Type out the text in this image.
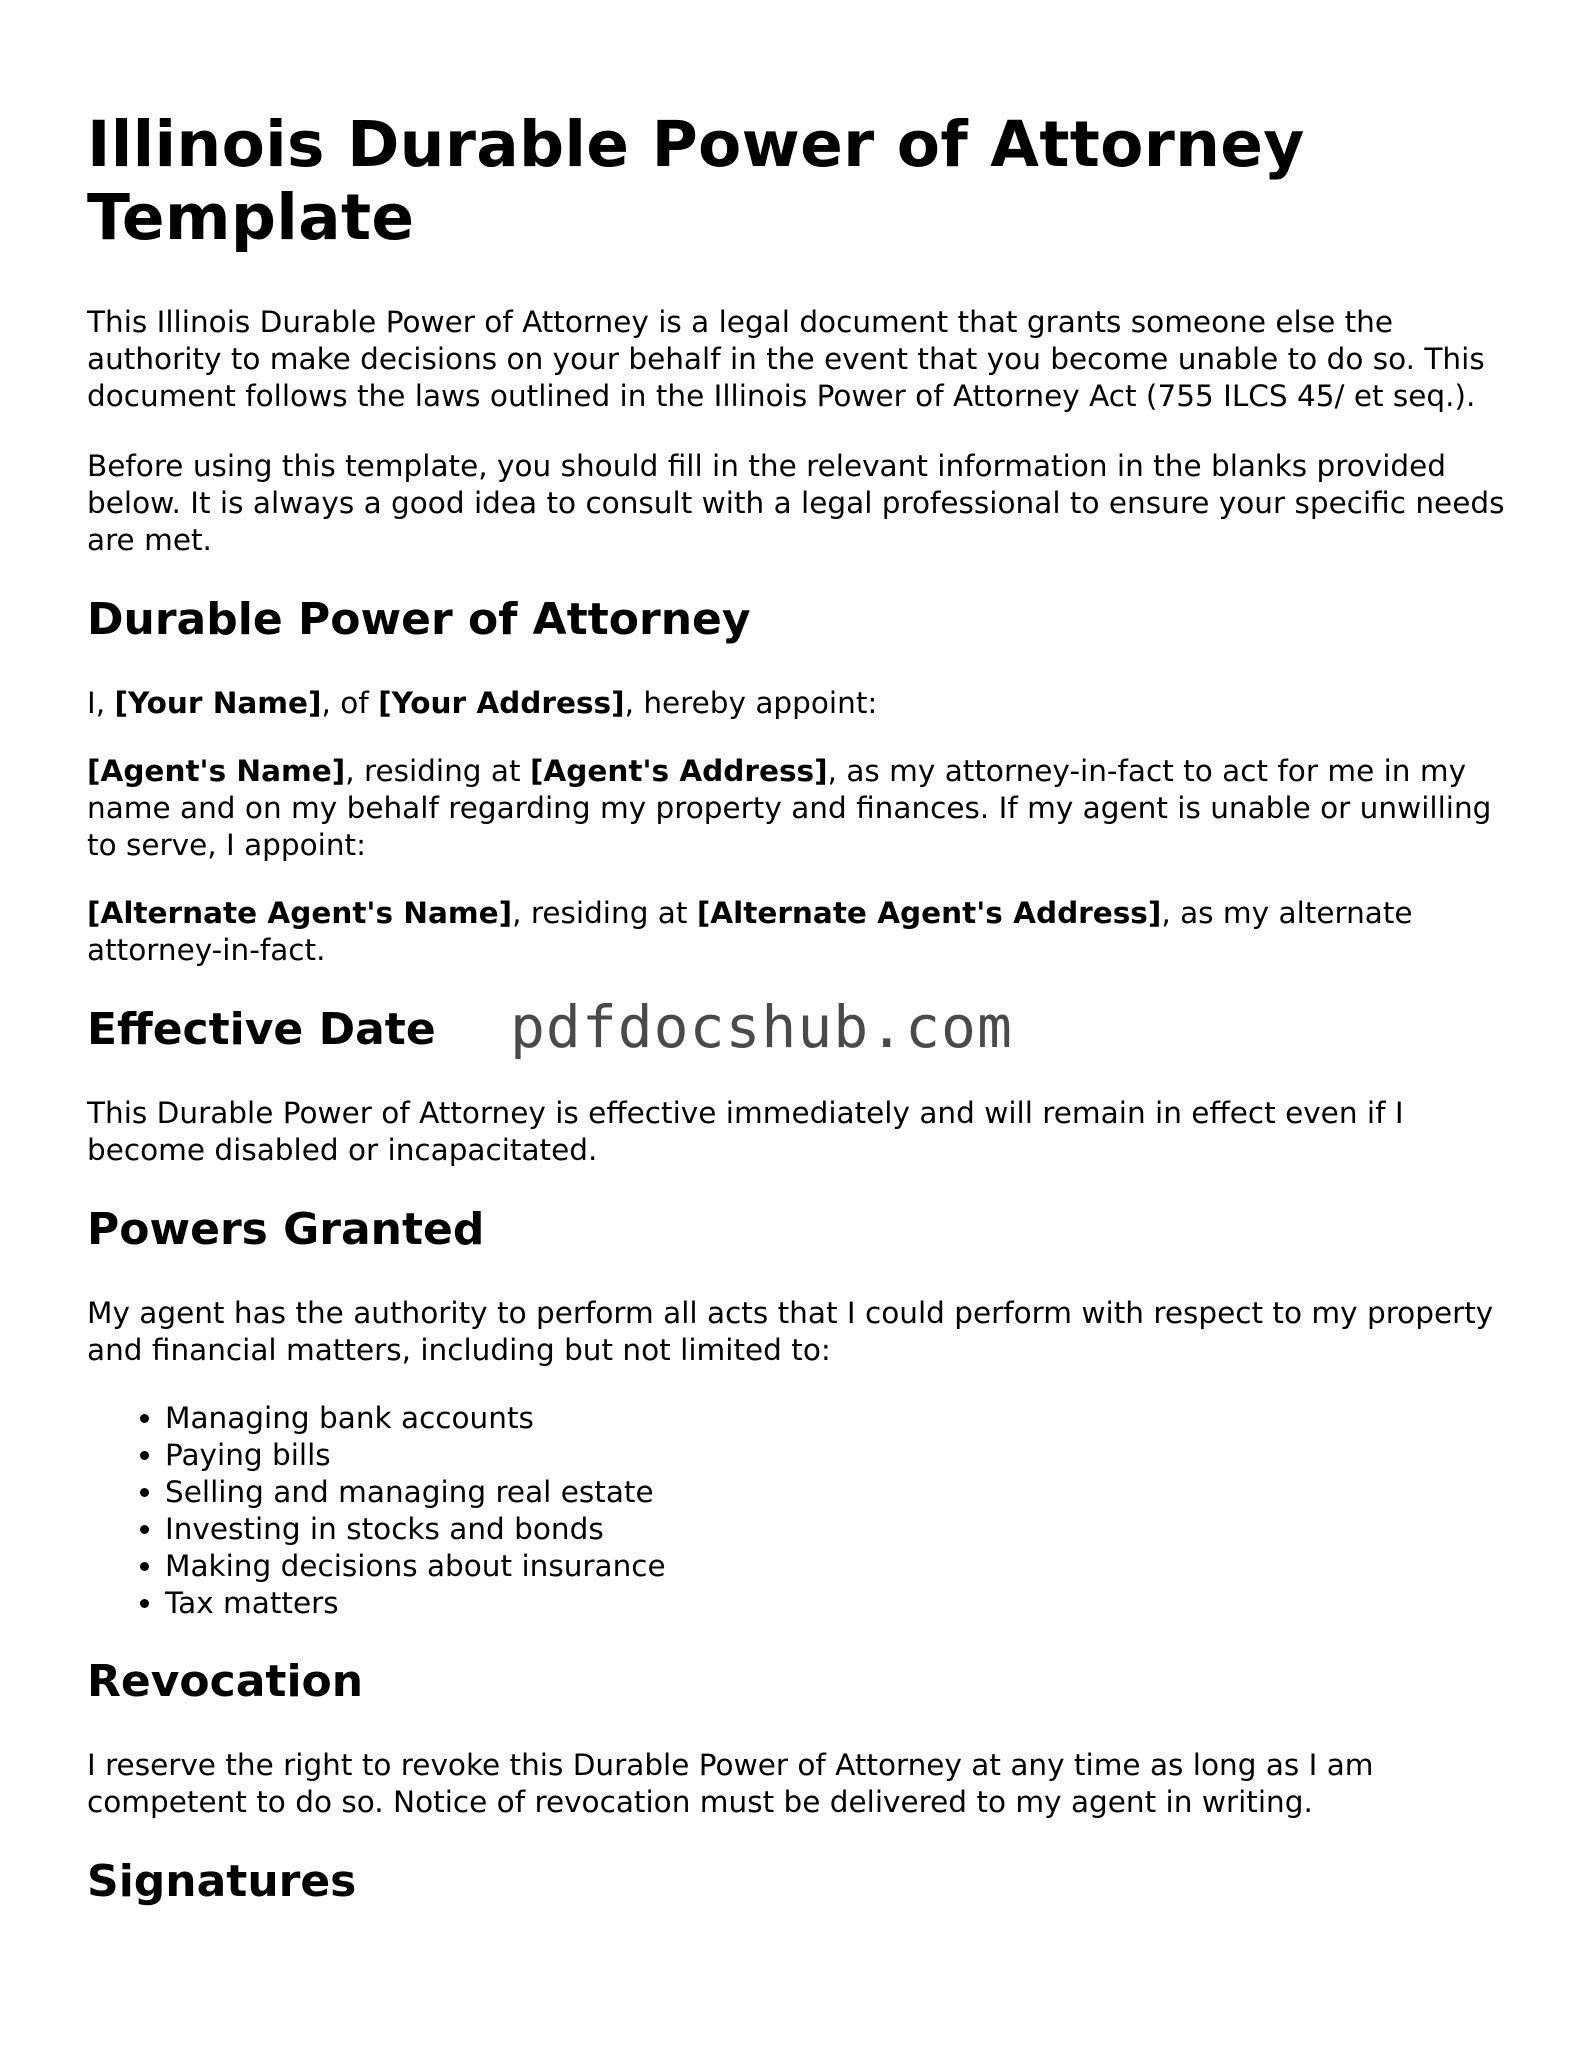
Illinois Durable Power of Attorney Template

This Illinois Durable Power of Attorney is a legal document that grants someone else the authority to make decisions on your behalf in the event that you become unable to do so. This document follows the laws outlined in the Illinois Power of Attorney Act (755 ILCS 45/ et seq.).

Before using this template, you should fill in the relevant information in the blanks provided below. It is always a good idea to consult with a legal professional to ensure your specific needs are met.

Durable Power of Attorney

I, [Your Name], of [Your Address], hereby appoint:

[Agent's Name], residing at [Agent's Address], as my attorney-in-fact to act for me in my name and on my behalf regarding my property and finances. If my agent is unable or unwilling to serve, I appoint:

[Alternate Agent's Name], residing at [Alternate Agent's Address], as my alternate attorney-in-fact.

Effective Date

This Durable Power of Attorney is effective immediately and will remain in effect even if I become disabled or incapacitated.

Powers Granted

My agent has the authority to perform all acts that I could perform with respect to my property and financial matters, including but not limited to:

• Managing bank accounts
• Paying bills
• Selling and managing real estate
• Investing in stocks and bonds
• Making decisions about insurance
• Tax matters
Revocation

I reserve the right to revoke this Durable Power of Attorney at any time as long as I am competent to do so. Notice of revocation must be delivered to my agent in writing.

Signatures
pdfdocshub.com
